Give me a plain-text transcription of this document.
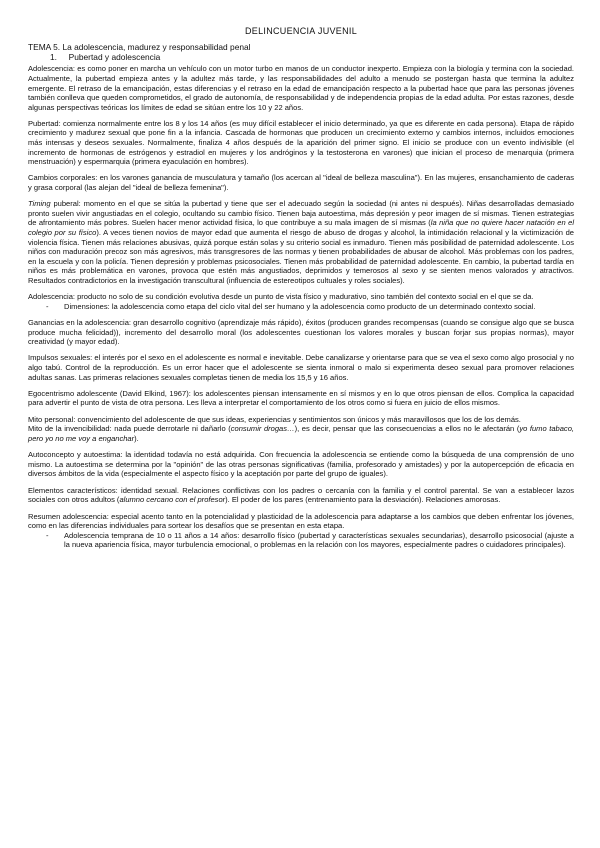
DELINCUENCIA JUVENIL
TEMA 5. La adolescencia, madurez y responsabilidad penal
1.     Pubertad y adolescencia

Adolescencia: es como poner en marcha un vehículo con un motor turbo en manos de un conductor inexperto. Empieza con la biología y termina con la sociedad. Actualmente, la pubertad empieza antes y la adultez más tarde, y las responsabilidades del adulto a menudo se postergan hasta que termina la adultez emergente. El retraso de la emancipación, estas diferencias y el retraso en la edad de emancipación respecto a la pubertad hace que para las personas jóvenes también conlleva que queden comprometidos, el grado de autonomía, de responsabilidad y de independencia propias de la edad adulta. Por estas razones, desde algunas perspectivas teóricas los límites de edad se sitúan entre los 10 y 22 años.

Pubertad: comienza normalmente entre los 8 y los 14 años (es muy difícil establecer el inicio determinado, ya que es diferente en cada persona). Etapa de rápido crecimiento y madurez sexual que pone fin a la infancia. Cascada de hormonas que producen un crecimiento externo y cambios internos, incluidos emociones más intensas y deseos sexuales. Normalmente, finaliza 4 años después de la aparición del primer signo. El inicio se produce con un evento indivisible (el incremento de hormonas de estrógenos y estradiol en mujeres y los andróginos y la testosterona en varones) que inician el proceso de menarquia (primera menstruación) y espermarquia (primera eyaculación en hombres).

Cambios corporales: en los varones ganancia de musculatura y tamaño (los acercan al "ideal de belleza masculina"). En las mujeres, ensanchamiento de caderas y grasa corporal (las alejan del "ideal de belleza femenina").

Timing puberal: momento en el que se sitúa la pubertad y tiene que ser el adecuado según la sociedad (ni antes ni después). Niñas desarrolladas demasiado pronto suelen vivir angustiadas en el colegio, ocultando su cambio físico. Tienen baja autoestima, más depresión y peor imagen de sí mismas. Tienen estrategias de afrontamiento más pobres. Suelen hacer menor actividad física, lo que contribuye a su mala imagen de sí mismas (la niña que no quiere hacer natación en el colegio por su físico). A veces tienen novios de mayor edad que aumenta el riesgo de abuso de drogas y alcohol, la intimidación relacional y la victimización de violencia física. Tienen más relaciones abusivas, quizá porque están solas y su criterio social es inmaduro. Tienen más posibilidad de paternidad adolescente. Los niños con maduración precoz son más agresivos, más transgresores de las normas y tienen probabilidades de abusar de alcohol. Más problemas con los padres, en la escuela y con la policía. Tienen depresión y problemas psicosociales. Tienen más probabilidad de paternidad adolescente. En cambio, la pubertad tardía en niños es más problemática en varones, provoca que estén más angustiados, deprimidos y temerosos al sexo y se sienten menos valorados y atractivos. Resultados contradictorios en la investigación transcultural (influencia de estereotipos cultuales y roles sociales).

Adolescencia: producto no solo de su condición evolutiva desde un punto de vista físico y madurativo, sino también del contexto social en el que se da.

- Dimensiones: la adolescencia como etapa del ciclo vital del ser humano y la adolescencia como producto de un determinado contexto social.

Ganancias en la adolescencia: gran desarrollo cognitivo (aprendizaje más rápido), éxitos (producen grandes recompensas (cuando se consigue algo que se busca produce mucha felicidad)), incremento del desarrollo moral (los adolescentes cuestionan los valores morales y buscan forjar sus propias normas), mayor creatividad (y mayor edad).

Impulsos sexuales: el interés por el sexo en el adolescente es normal e inevitable. Debe canalizarse y orientarse para que se vea el sexo como algo prosocial y no algo tabú. Control de la reproducción. Es un error hacer que el adolescente se sienta inmoral o malo si experimenta deseo sexual para promover relaciones adultas sanas. Las primeras relaciones sexuales completas tienen de media los 15,5 y 16 años.

Egocentrismo adolescente (David Elkind, 1967): los adolescentes piensan intensamente en sí mismos y en lo que otros piensan de ellos. Complica la capacidad para advertir el punto de vista de otra persona. Les lleva a interpretar el comportamiento de los otros como si fuera en juicio de ellos mismos.

Mito personal: convencimiento del adolescente de que sus ideas, experiencias y sentimientos son únicos y más maravillosos que los de los demás.

Mito de la invencibilidad: nada puede derrotarle ni dañarlo (consumir drogas…), es decir, pensar que las consecuencias a ellos no le afectarán (yo fumo tabaco, pero yo no me voy a enganchar).

Autoconcepto y autoestima: la identidad todavía no está adquirida. Con frecuencia la adolescencia se entiende como la búsqueda de una comprensión de uno mismo. La autoestima se determina por la "opinión" de las otras personas significativas (familia, profesorado y amistades) y por la autopercepción de eficacia en diversos ámbitos de la vida (especialmente el aspecto físico y la aceptación por parte del grupo de iguales).

Elementos característicos: identidad sexual. Relaciones conflictivas con los padres o cercanía con la familia y el control parental. Se van a establecer lazos sociales con otros adultos (alumno cercano con el profesor). El poder de los pares (entrenamiento para la desviación). Relaciones amorosas.

Resumen adolescencia: especial acento tanto en la potencialidad y plasticidad de la adolescencia para adaptarse a los cambios que deben enfrentar los jóvenes, como en las diferencias individuales para sortear los desafíos que se presentan en esta etapa.

- Adolescencia temprana de 10 o 11 años a 14 años: desarrollo físico (pubertad y características sexuales secundarias), desarrollo psicosocial (ajuste a la nueva apariencia física, mayor turbulencia emocional, o problemas en la relación con los mayores, especialmente padres o cuidadores principales).
